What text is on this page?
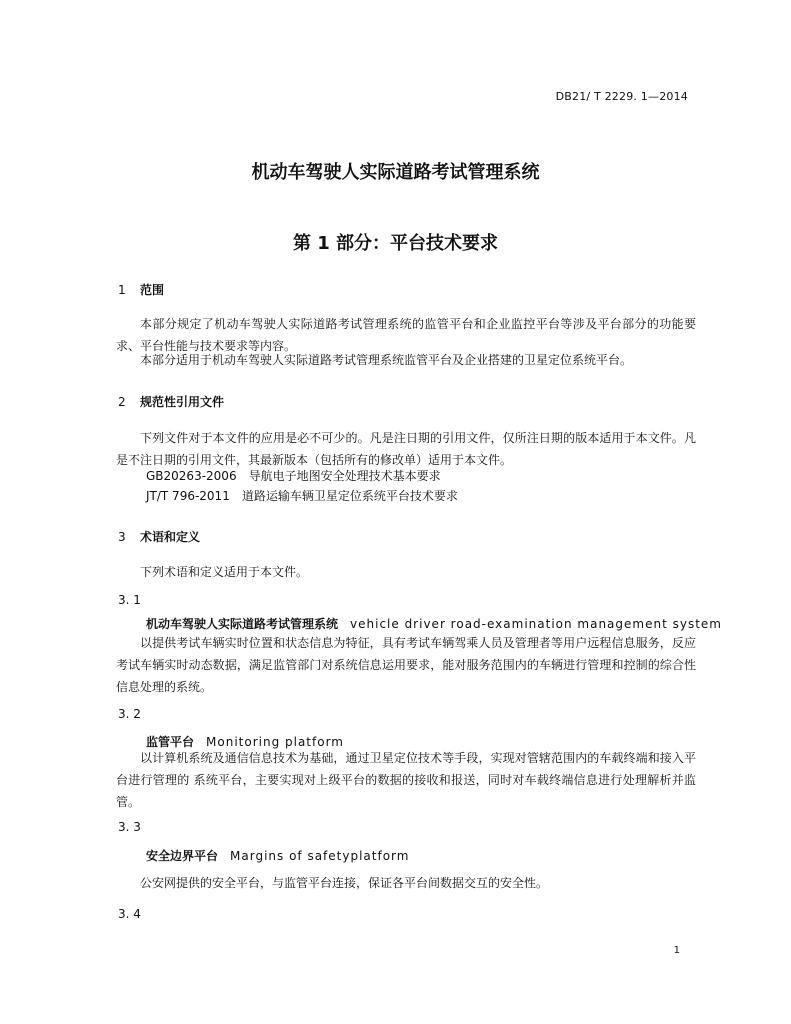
DB21/ T 2229. 1—2014
机动车驾驶人实际道路考试管理系统
第 1 部分：平台技术要求
1 范围
本部分规定了机动车驾驶人实际道路考试管理系统的监管平台和企业监控平台等涉及平台部分的功能要求、平台性能与技术要求等内容。
本部分适用于机动车驾驶人实际道路考试管理系统监管平台及企业搭建的卫星定位系统平台。
2 规范性引用文件
下列文件对于本文件的应用是必不可少的。凡是注日期的引用文件，仅所注日期的版本适用于本文件。凡是不注日期的引用文件，其最新版本（包括所有的修改单）适用于本文件。
GB20263-2006　导航电子地图安全处理技术基本要求
JT/T 796-2011　道路运输车辆卫星定位系统平台技术要求
3 术语和定义
下列术语和定义适用于本文件。
3. 1
机动车驾驶人实际道路考试管理系统 vehicle driver road-examination management system
以提供考试车辆实时位置和状态信息为特征，具有考试车辆驾乘人员及管理者等用户远程信息服务，反应考试车辆实时动态数据，满足监管部门对系统信息运用要求，能对服务范围内的车辆进行管理和控制的综合性信息处理的系统。
3. 2
监管平台 Monitoring platform
以计算机系统及通信信息技术为基础，通过卫星定位技术等手段，实现对管辖范围内的车载终端和接入平台进行管理的 系统平台，主要实现对上级平台的数据的接收和报送，同时对车载终端信息进行处理解析并监管。
3. 3
安全边界平台 Margins of safetyplatform
公安网提供的安全平台，与监管平台连接，保证各平台间数据交互的安全性。
3. 4
1
